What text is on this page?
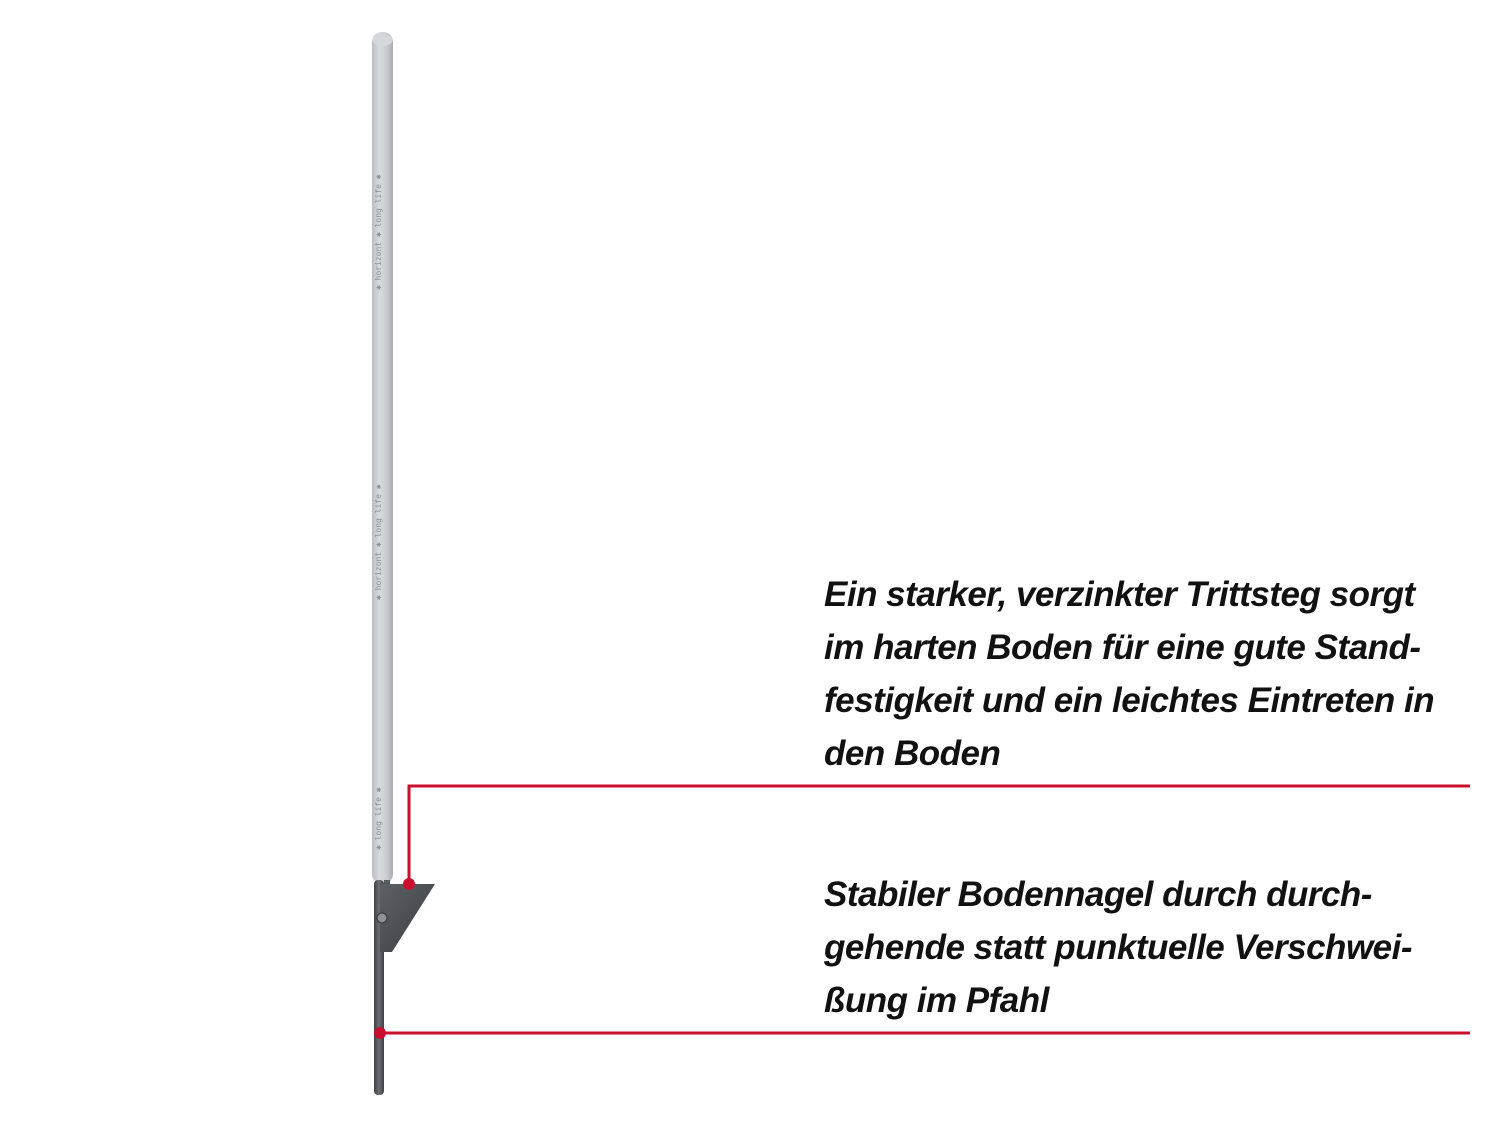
✱ horizont ✱ long life ✱
✱ horizont ✱ long life ✱
✱ long life ✱

Ein starker, verzinkter Trittsteg sorgt
im harten Boden für eine gute Stand-
festigkeit und ein leichtes Eintreten in
den Boden

Stabiler Bodennagel durch durch-
gehende statt punktuelle Verschwei-
ßung im Pfahl
